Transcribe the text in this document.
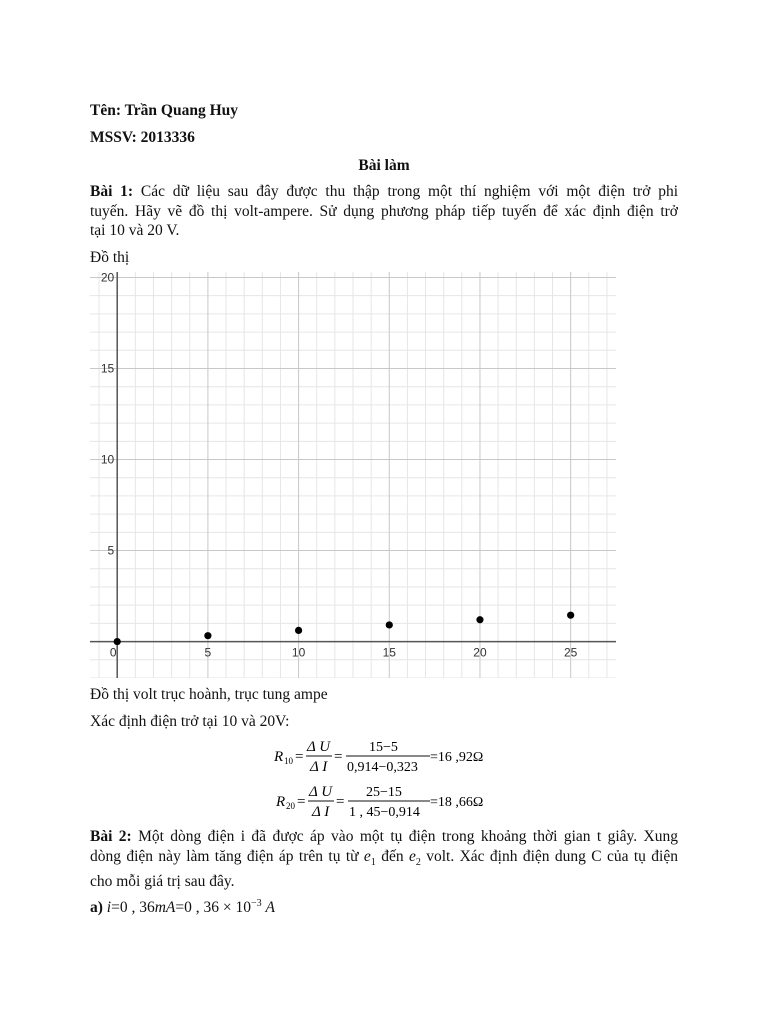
Tên: Trần Quang Huy
MSSV: 2013336
Bài làm
Bài 1: Các dữ liệu sau đây được thu thập trong một thí nghiệm với một điện trở phi
tuyến. Hãy vẽ đồ thị volt-ampere. Sử dụng phương pháp tiếp tuyến để xác định điện trở
tại 10 và 20 V.
Đồ thị
0	5	10	15	20	25
5
10
15
20
Đồ thị volt trục hoành, trục tung ampe
Xác định điện trở tại 10 và 20V:
R 10 =
Δ U
Δ I
=
15−5
0,914−0,323
=16 ,92Ω
R 20 =
Δ U
Δ I
=
25−15
1 , 45−0,914
=18 ,66Ω
Bài 2: Một dòng điện i đã được áp vào một tụ điện trong khoảng thời gian t giây. Xung
dòng điện này làm tăng điện áp trên tụ từ $e_1$ đến $e_2$ volt. Xác định điện dung C của tụ điện
cho mỗi giá trị sau đây.
a) i=0 , 36mA=0 , $36 \times 10^{-3}$ A
